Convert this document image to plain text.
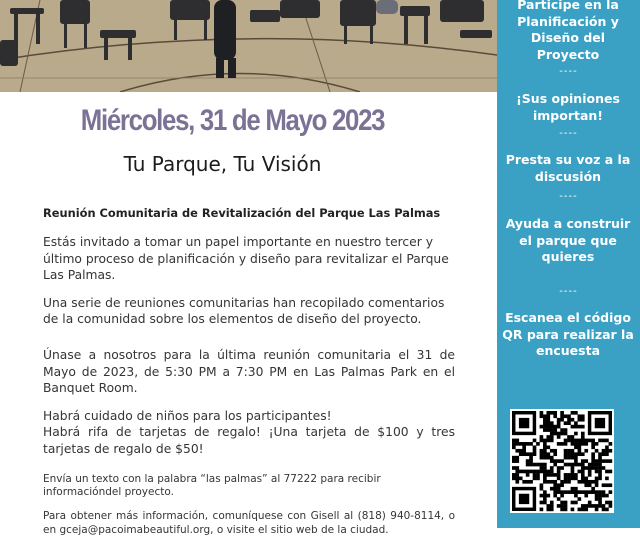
Miércoles, 31 de Mayo 2023
Tu Parque, Tu Visión
Reunión Comunitaria de Revitalización del Parque Las Palmas
Estás invitado a tomar un papel importante en nuestro tercer y último proceso de planificación y diseño para revitalizar el Parque Las Palmas.
Una serie de reuniones comunitarias han recopilado comentarios de la comunidad sobre los elementos de diseño del proyecto.
Únase a nosotros para la última reunión comunitaria el 31 de Mayo de 2023, de 5:30 PM a 7:30 PM en Las Palmas Park en el Banquet Room.
Habrá cuidado de niños para los participantes!
Habrá rifa de tarjetas de regalo! ¡Una tarjeta de $100 y tres tarjetas de regalo de $50!
Envía un texto con la palabra “las palmas” al 77222 para recibir informacióndel proyecto.
Para obtener más información, comuníquese con Gisell al (818) 940-8114, o en gceja@pacoimabeautiful.org, o visite el sitio web de la ciudad.
Participe en la Planificación y Diseño del Proyecto
----
¡Sus opiniones importan!
----
Presta su voz a la discusión
----
Ayuda a construir el parque que quieres
----
Escanea el código QR para realizar la encuesta
